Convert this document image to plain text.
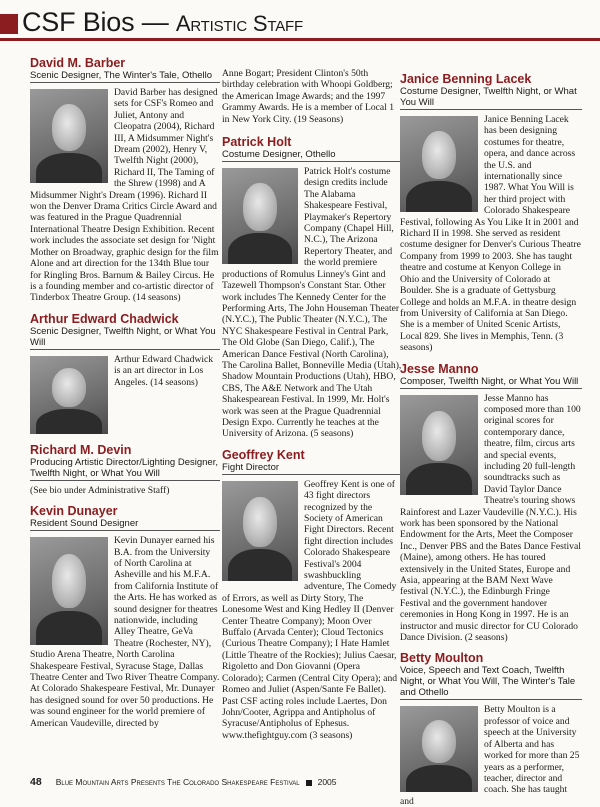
CSF Bios — Artistic Staff

David M. Barber

Scenic Designer, The Winter's Tale, Othello

David Barber has designed sets for CSF's Romeo and Juliet, Antony and Cleopatra (2004), Richard III, A Midsummer Night's Dream (2002), Henry V, Twelfth Night (2000), Richard II, The Taming of the Shrew (1998) and A Midsummer Night's Dream (1996). Richard II won the Denver Drama Critics Circle Award and was featured in the Prague Quadrennial International Theatre Design Exhibition. Recent work includes the associate set design for 'Night Mother on Broadway, graphic design for the film Alone and art direction for the 134th Blue tour for Ringling Bros. Barnum & Bailey Circus. He is a founding member and co-artistic director of Tinderbox Theatre Group. (14 seasons)

Arthur Edward Chadwick

Scenic Designer, Twelfth Night, or What You Will

Arthur Edward Chadwick is an art director in Los Angeles. (14 seasons)

Richard M. Devin

Producing Artistic Director/Lighting Designer, Twelfth Night, or What You Will

(See bio under Administrative Staff)

Kevin Dunayer

Resident Sound Designer

Kevin Dunayer earned his B.A. from the University of North Carolina at Asheville and his M.F.A. from California Institute of the Arts. He has worked as sound designer for theatres nationwide, including Alley Theatre, GeVa Theatre (Rochester, NY), Studio Arena Theatre, North Carolina Shakespeare Festival, Syracuse Stage, Dallas Theatre Center and Two River Theatre Company. At Colorado Shakespeare Festival, Mr. Dunayer has designed sound for over 50 productions. He was sound engineer for the world premiere of American Vaudeville, directed by

Anne Bogart; President Clinton's 50th birthday celebration with Whoopi Goldberg; the American Image Awards; and the 1997 Grammy Awards. He is a member of Local 1 in New York City. (19 Seasons)

Patrick Holt

Costume Designer, Othello

Patrick Holt's costume design credits include The Alabama Shakespeare Festival, Playmaker's Repertory Company (Chapel Hill, N.C.), The Arizona Repertory Theater, and the world premiere productions of Romulus Linney's Gint and Tazewell Thompson's Constant Star. Other work includes The Kennedy Center for the Performing Arts, The John Houseman Theater (N.Y.C.), The Public Theater (N.Y.C.), The NYC Shakespeare Festival in Central Park, The Old Globe (San Diego, Calif.), The American Dance Festival (North Carolina), The Carolina Ballet, Bonneville Media (Utah), Shadow Mountain Productions (Utah), HBO, CBS, The A&E Network and The Utah Shakespearean Festival. In 1999, Mr. Holt's work was seen at the Prague Quadrennial Design Expo. Currently he teaches at the University of Arizona. (5 seasons)

Geoffrey Kent

Fight Director

Geoffrey Kent is one of 43 fight directors recognized by the Society of American Fight Directors. Recent fight direction includes Colorado Shakespeare Festival's 2004 swashbuckling adventure, The Comedy of Errors, as well as Dirty Story, The Lonesome West and King Hedley II (Denver Center Theatre Company); Moon Over Buffalo (Arvada Center); Cloud Tectonics (Curious Theatre Company); I Hate Hamlet (Little Theatre of the Rockies); Julius Caesar, Rigoletto and Don Giovanni (Opera Colorado); Carmen (Central City Opera); and Romeo and Juliet (Aspen/Sante Fe Ballet). Past CSF acting roles include Laertes, Don John/Cooter, Agrippa and Antipholus of Syracuse/Antipholus of Ephesus. www.thefightguy.com (3 seasons)

Janice Benning Lacek

Costume Designer, Twelfth Night, or What You Will

Janice Benning Lacek has been designing costumes for theatre, opera, and dance across the U.S. and internationally since 1987. What You Will is her third project with Colorado Shakespeare Festival, following As You Like It in 2001 and Richard II in 1998. She served as resident costume designer for Denver's Curious Theatre Company from 1999 to 2003. She has taught theatre and costume at Kenyon College in Ohio and the University of Colorado at Boulder. She is a graduate of Gettysburg College and holds an M.F.A. in theatre design from University of California at San Diego. She is a member of United Scenic Artists, Local 829. She lives in Memphis, Tenn. (3 seasons)

Jesse Manno

Composer, Twelfth Night, or What You Will

Jesse Manno has composed more than 100 original scores for contemporary dance, theatre, film, circus arts and special events, including 20 full-length soundtracks such as David Taylor Dance Theatre's touring shows Rainforest and Lazer Vaudeville (N.Y.C.). His work has been sponsored by the National Endowment for the Arts, Meet the Composer Inc., Denver PBS and the Bates Dance Festival (Maine), among others. He has toured extensively in the United States, Europe and Asia, appearing at the BAM Next Wave festival (N.Y.C.), the Edinburgh Fringe Festival and the government handover ceremonies in Hong Kong in 1997. He is an instructor and music director for CU Colorado Dance Division. (2 seasons)

Betty Moulton

Voice, Speech and Text Coach, Twelfth Night, or What You Will, The Winter's Tale and Othello

Betty Moulton is a professor of voice and speech at the University of Alberta and has worked for more than 25 years as a performer, teacher, director and coach. She has taught and

48 Blue Mountain Arts Presents The Colorado Shakespeare Festival 2005
